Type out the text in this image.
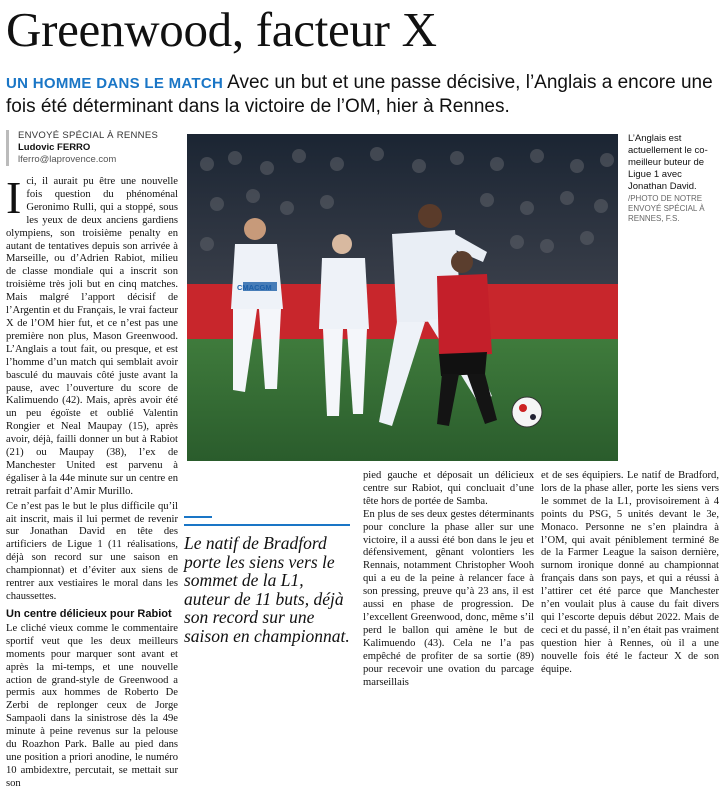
Greenwood, facteur X
UN HOMME DANS LE MATCH Avec un but et une passe décisive, l’Anglais a encore une fois été déterminant dans la victoire de l’OM, hier à Rennes.
ENVOYÉ SPÉCIAL À RENNES
Ludovic FERRO
lferro@laprovence.com
I ci, il aurait pu être une nouvelle fois question du phénoménal Geronimo Rulli, qui a stoppé, sous les yeux de deux anciens gardiens olympiens, son troisième penalty en autant de tentatives depuis son arrivée à Marseille, ou d’Adrien Rabiot, milieu de classe mondiale qui a inscrit son troisième très joli but en cinq matches. Mais malgré l’apport décisif de l’Argentin et du Français, le vrai facteur X de l’OM hier fut, et ce n’est pas une première non plus, Mason Greenwood. L’Anglais a tout fait, ou presque, et est l’homme d’un match qui semblait avoir basculé du mauvais côté juste avant la pause, avec l’ouverture du score de Kalimuendo (42). Mais, après avoir été un peu égoïste et oublié Valentin Rongier et Neal Maupay (15), après avoir, déjà, failli donner un but à Rabiot (21) ou Maupay (38), l’ex de Manchester United est parvenu à égaliser à la 44e minute sur un centre en retrait parfait d’Amir Murillo.

Ce n’est pas le but le plus difficile qu’il ait inscrit, mais il lui permet de revenir sur Jonathan David en tête des artificiers de Ligue 1 (11 réalisations, déjà son record sur une saison en championnat) et d’éviter aux siens de rentrer aux vestiaires le moral dans les chaussettes.

Un centre délicieux pour Rabiot

Le cliché vieux comme le commentaire sportif veut que les deux meilleurs moments pour marquer sont avant et après la mi-temps, et une nouvelle action de grand-style de Greenwood a permis aux hommes de Roberto De Zerbi de replonger ceux de Jorge Sampaoli dans la sinistrose dès la 49e minute à peine revenus sur la pelouse du Roazhon Park. Balle au pied dans une position a priori anodine, le numéro 10 ambidextre, percutait, se mettait sur son

CMACGM
L’Anglais est actuellement le co-meilleur buteur de Ligue 1 avec Jonathan David.
/PHOTO DE NOTRE ENVOYÉ SPÉCIAL À RENNES, F.S.
Le natif de Bradford porte les siens vers le sommet de la L1, auteur de 11 buts, déjà son record sur une saison en championnat.

pied gauche et déposait un délicieux centre sur Rabiot, qui concluait d’une tête hors de portée de Samba.

En plus de ses deux gestes déterminants pour conclure la phase aller sur une victoire, il a aussi été bon dans le jeu et défensivement, gênant volontiers les Rennais, notamment Christopher Wooh qui a eu de la peine à relancer face à son pressing, preuve qu’à 23 ans, il est aussi en phase de progression. De l’excellent Greenwood, donc, même s’il perd le ballon qui amène le but de Kalimuendo (43). Cela ne l’a pas empêché de profiter de sa sortie (89) pour recevoir une ovation du parcage marseillais

et de ses équipiers. Le natif de Bradford, lors de la phase aller, porte les siens vers le sommet de la L1, provisoirement à 4 points du PSG, 5 unités devant le 3e, Monaco. Personne ne s’en plaindra à l’OM, qui avait péniblement terminé 8e de la Farmer League la saison dernière, surnom ironique donné au championnat français dans son pays, et qui a réussi à l’attirer cet été parce que Manchester n’en voulait plus à cause du fait divers qui l’escorte depuis début 2022. Mais de ceci et du passé, il n’en était pas vraiment question hier à Rennes, où il a une nouvelle fois été le facteur X de son équipe.
